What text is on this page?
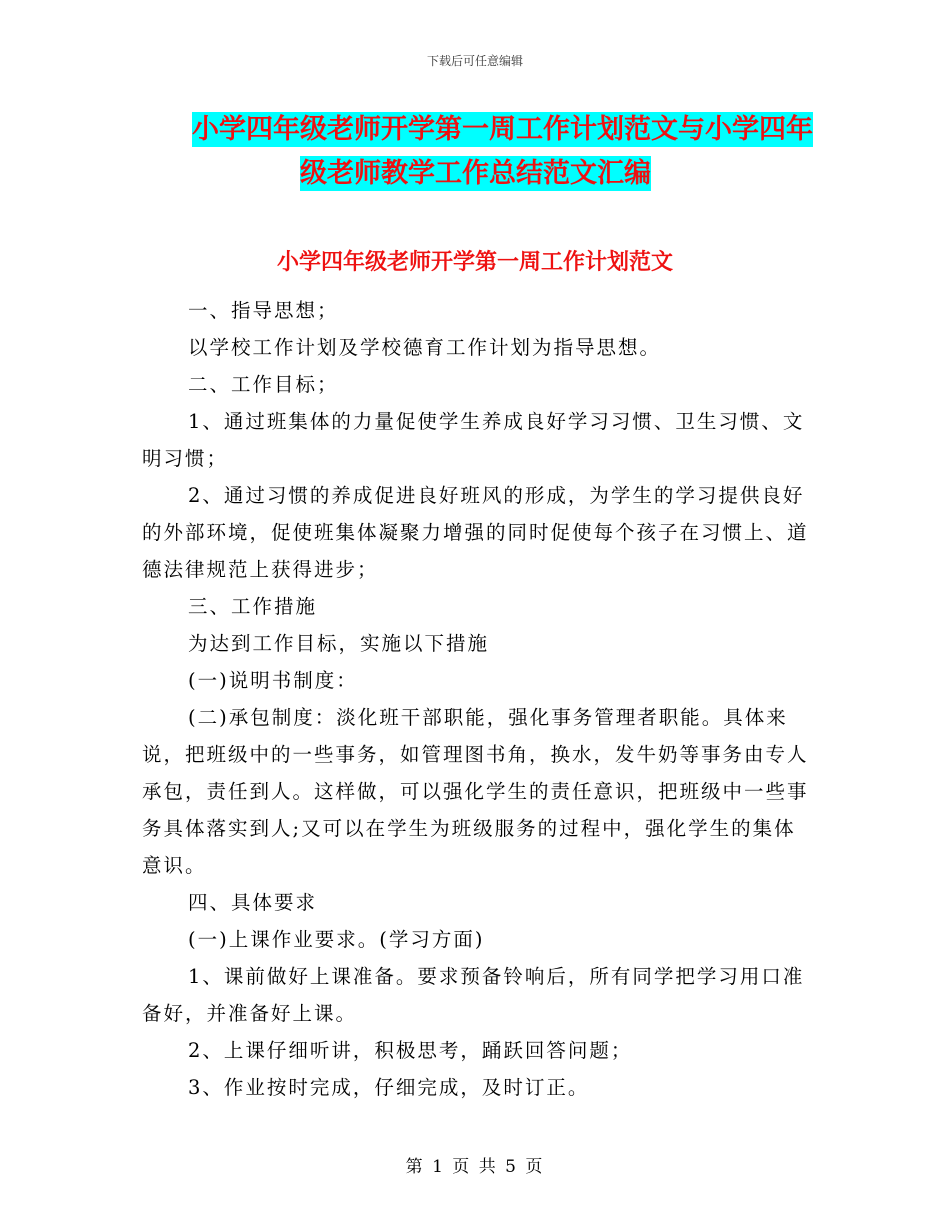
下载后可任意编辑
小学四年级老师开学第一周工作计划范文与小学四年
级老师教学工作总结范文汇编
小学四年级老师开学第一周工作计划范文

一、指导思想；

以学校工作计划及学校德育工作计划为指导思想。

二、工作目标；

1、通过班集体的力量促使学生养成良好学习习惯、卫生习惯、文明习惯；

2、通过习惯的养成促进良好班风的形成，为学生的学习提供良好的外部环境，促使班集体凝聚力增强的同时促使每个孩子在习惯上、道德法律规范上获得进步；

三、工作措施

为达到工作目标，实施以下措施

(一)说明书制度：

(二)承包制度：淡化班干部职能，强化事务管理者职能。具体来说，把班级中的一些事务，如管理图书角，换水，发牛奶等事务由专人承包，责任到人。这样做，可以强化学生的责任意识，把班级中一些事务具体落实到人;又可以在学生为班级服务的过程中，强化学生的集体意识。

四、具体要求

(一)上课作业要求。(学习方面)

1、课前做好上课准备。要求预备铃响后，所有同学把学习用口准备好，并准备好上课。

2、上课仔细听讲，积极思考，踊跃回答问题；

3、作业按时完成，仔细完成，及时订正。

第 1 页 共 5 页
